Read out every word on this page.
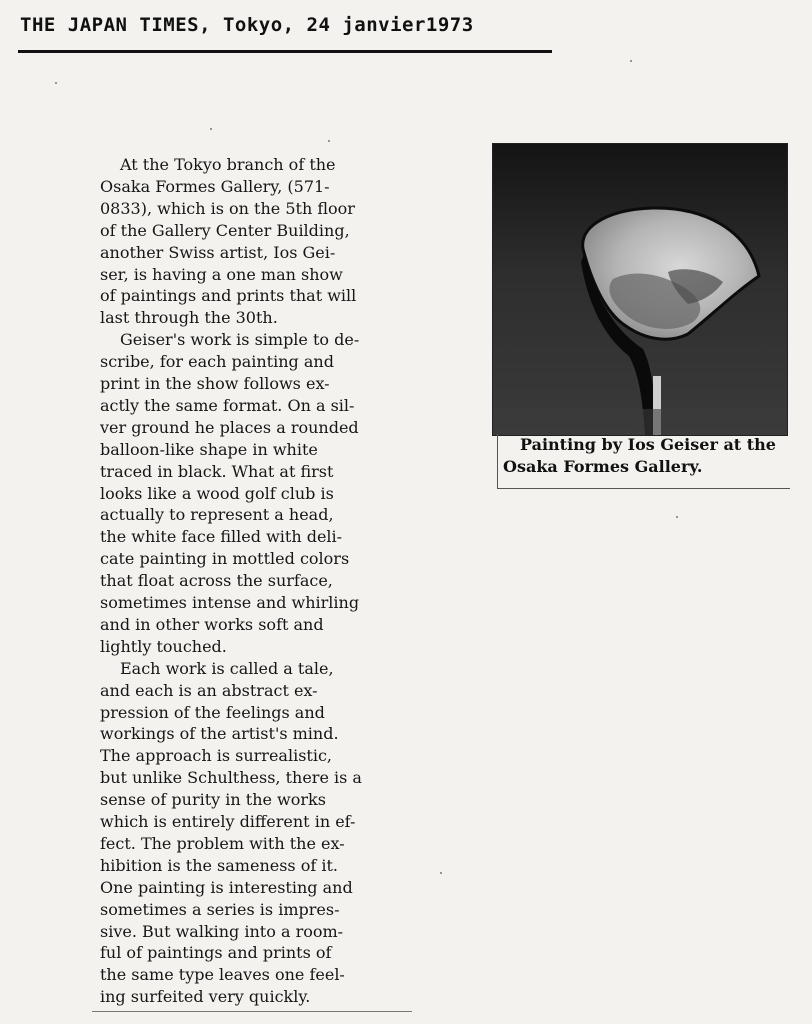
THE JAPAN TIMES, Tokyo, 24 janvier1973
At the Tokyo branch of the
Osaka Formes Gallery, (571-
0833), which is on the 5th floor
of the Gallery Center Building,
another Swiss artist, Ios Gei-
ser, is having a one man show
of paintings and prints that will
last through the 30th.
Geiser's work is simple to de-
scribe, for each painting and
print in the show follows ex-
actly the same format. On a sil-
ver ground he places a rounded
balloon-like shape in white
traced in black. What at first
looks like a wood golf club is
actually to represent a head,
the white face filled with deli-
cate painting in mottled colors
that float across the surface,
sometimes intense and whirling
and in other works soft and
lightly touched.
Each work is called a tale,
and each is an abstract ex-
pression of the feelings and
workings of the artist's mind.
The approach is surrealistic,
but unlike Schulthess, there is a
sense of purity in the works
which is entirely different in ef-
fect. The problem with the ex-
hibition is the sameness of it.
One painting is interesting and
sometimes a series is impres-
sive. But walking into a room-
ful of paintings and prints of
the same type leaves one feel-
ing surfeited very quickly.
Painting by Ios Geiser at the
Osaka Formes Gallery.
